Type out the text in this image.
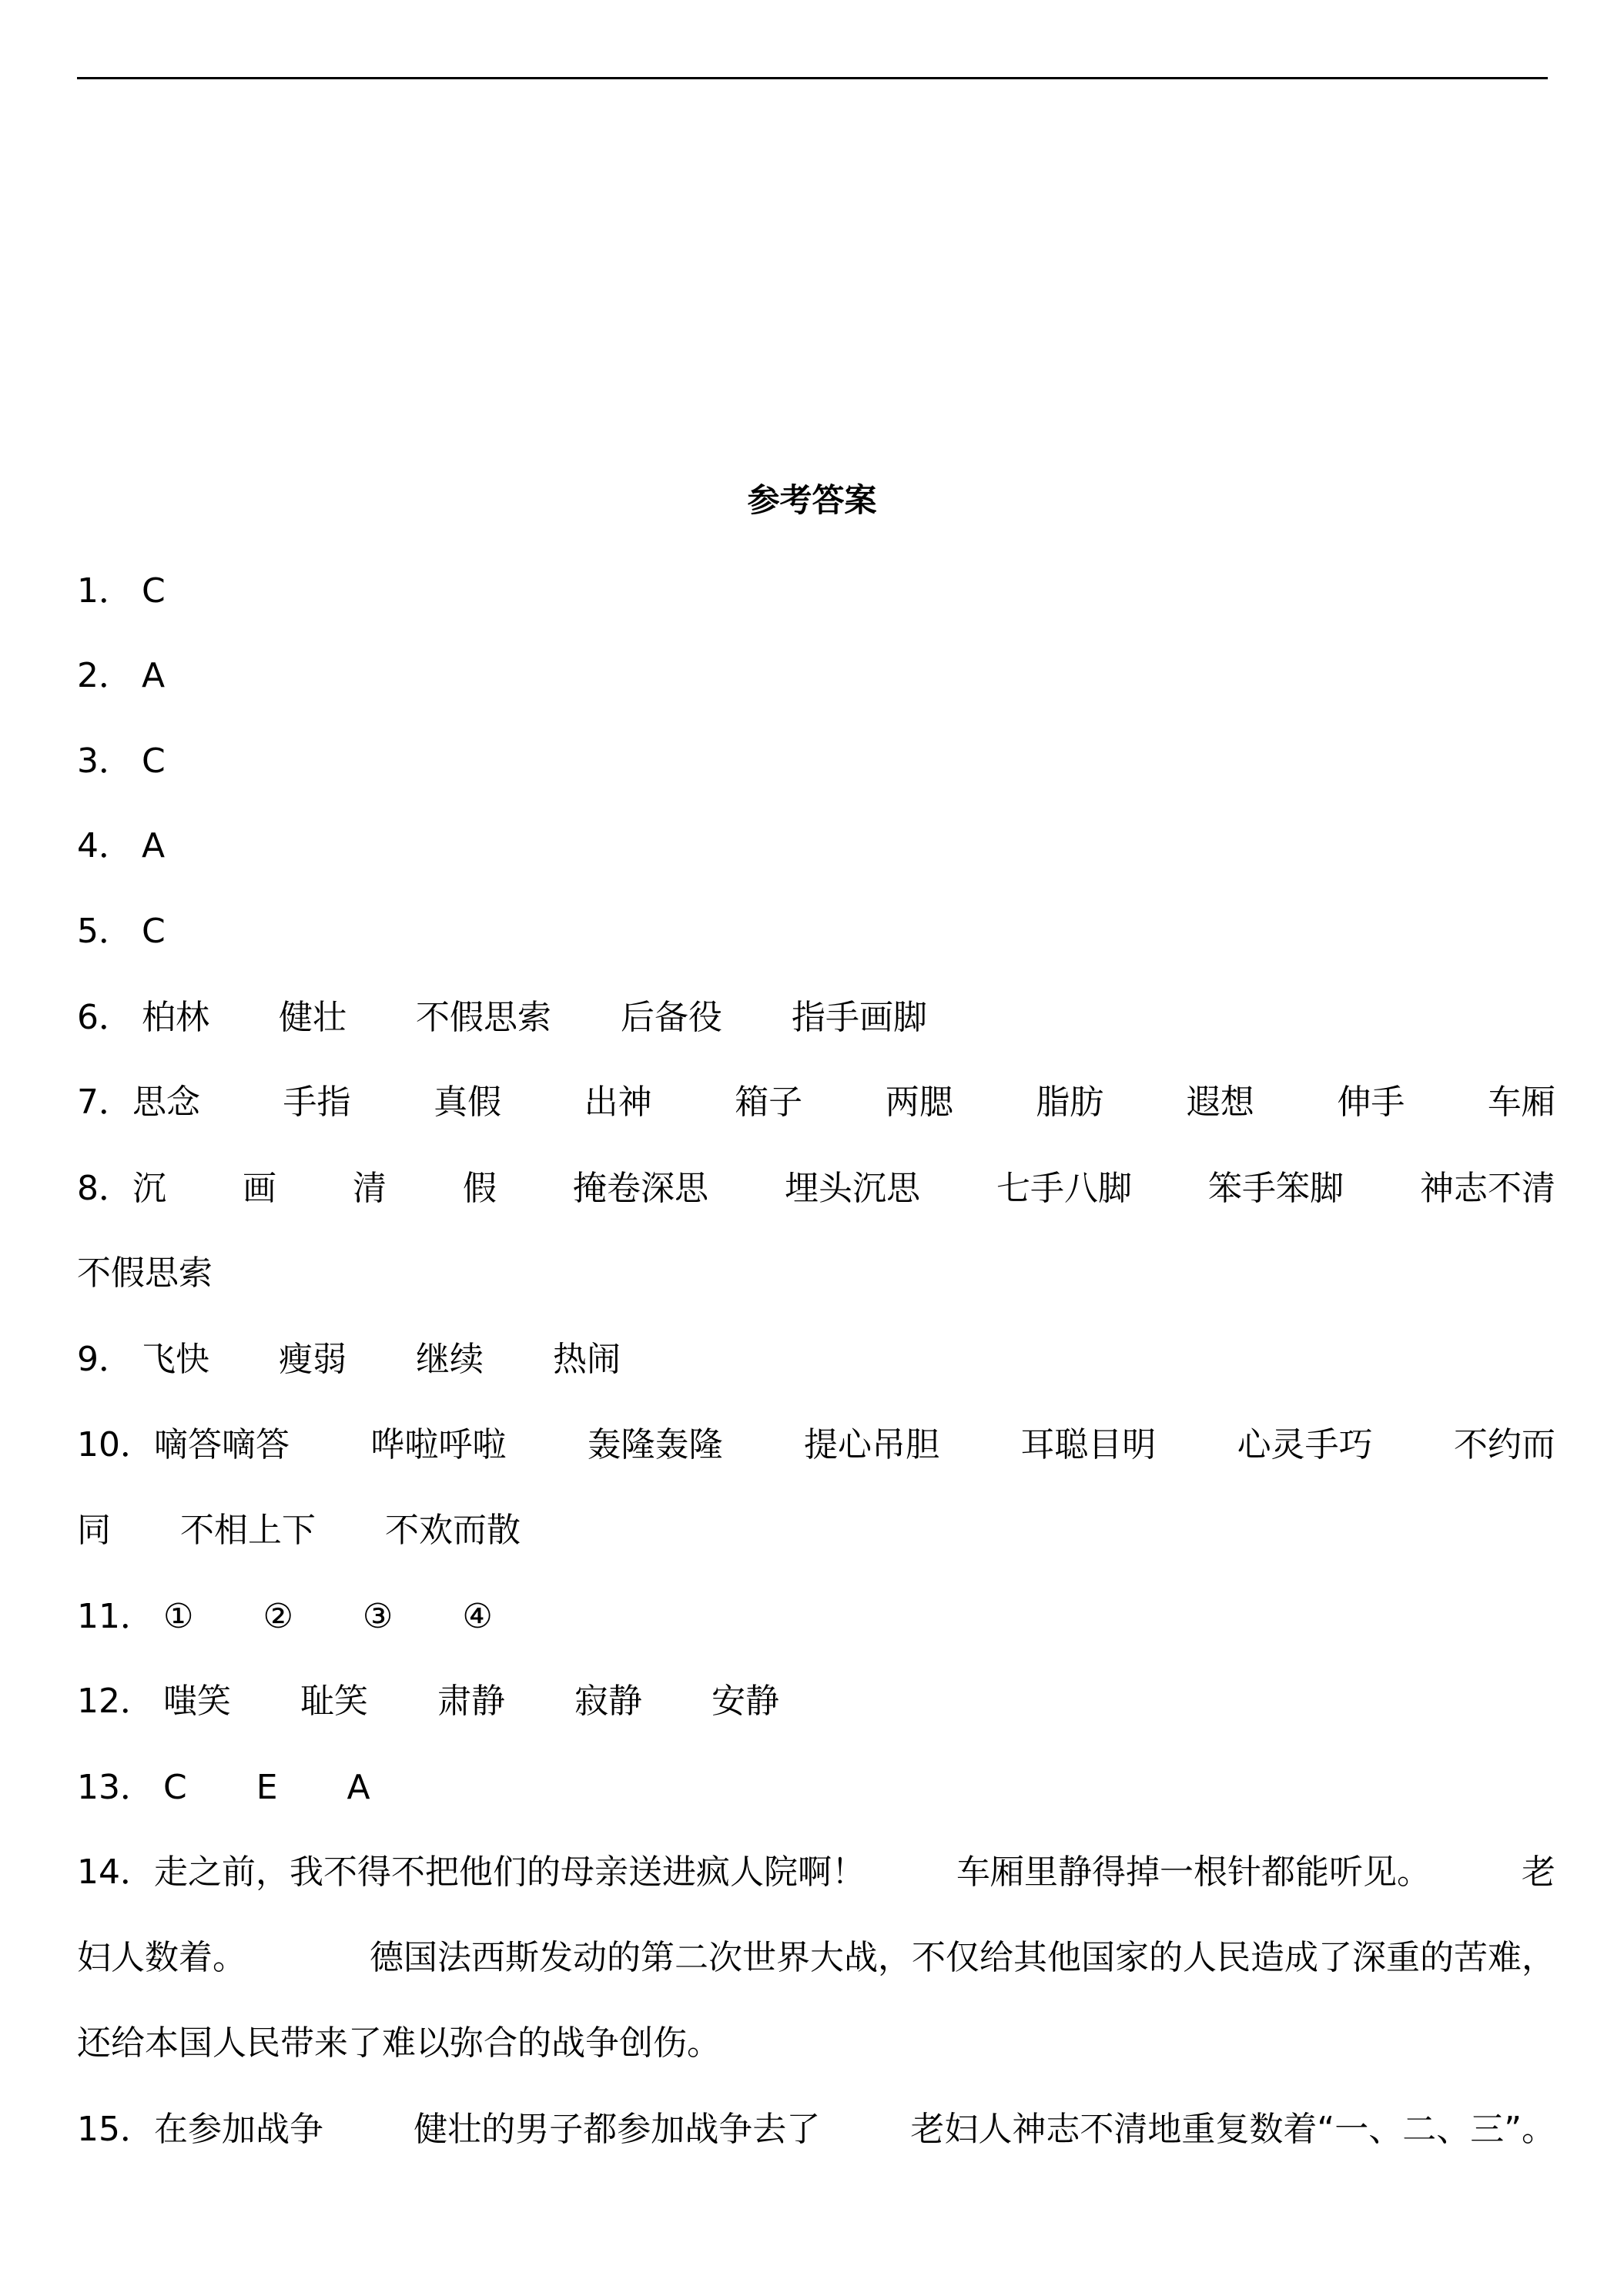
参考答案
1． C
2． A
3． C
4． A
5． C
6． 柏林 健壮 不假思索 后备役 指手画脚
7． 思念 手指 真假 出神 箱子 两腮 脂肪 遐想 伸手 车厢
8． 沉 画 清 假 掩卷深思 埋头沉思 七手八脚 笨手笨脚 神志不清
不假思索
9． 飞快 瘦弱 继续 热闹
10． 嘀答嘀答 哗啦呼啦 轰隆轰隆 提心吊胆 耳聪目明 心灵手巧 不约而
同 不相上下 不欢而散
11． ① ② ③ ④
12． 嗤笑 耻笑 肃静 寂静 安静
13． C E A
14． 走之前，我不得不把他们的母亲送进疯人院啊！	车厢里静得掉一根针都能听见。	老
妇人数着。	德国法西斯发动的第二次世界大战，不仅给其他国家的人民造成了深重的苦难，
还给本国人民带来了难以弥合的战争创伤。
15． 在参加战争	健壮的男子都参加战争去了	老妇人神志不清地重复数着“一、二、三”。
